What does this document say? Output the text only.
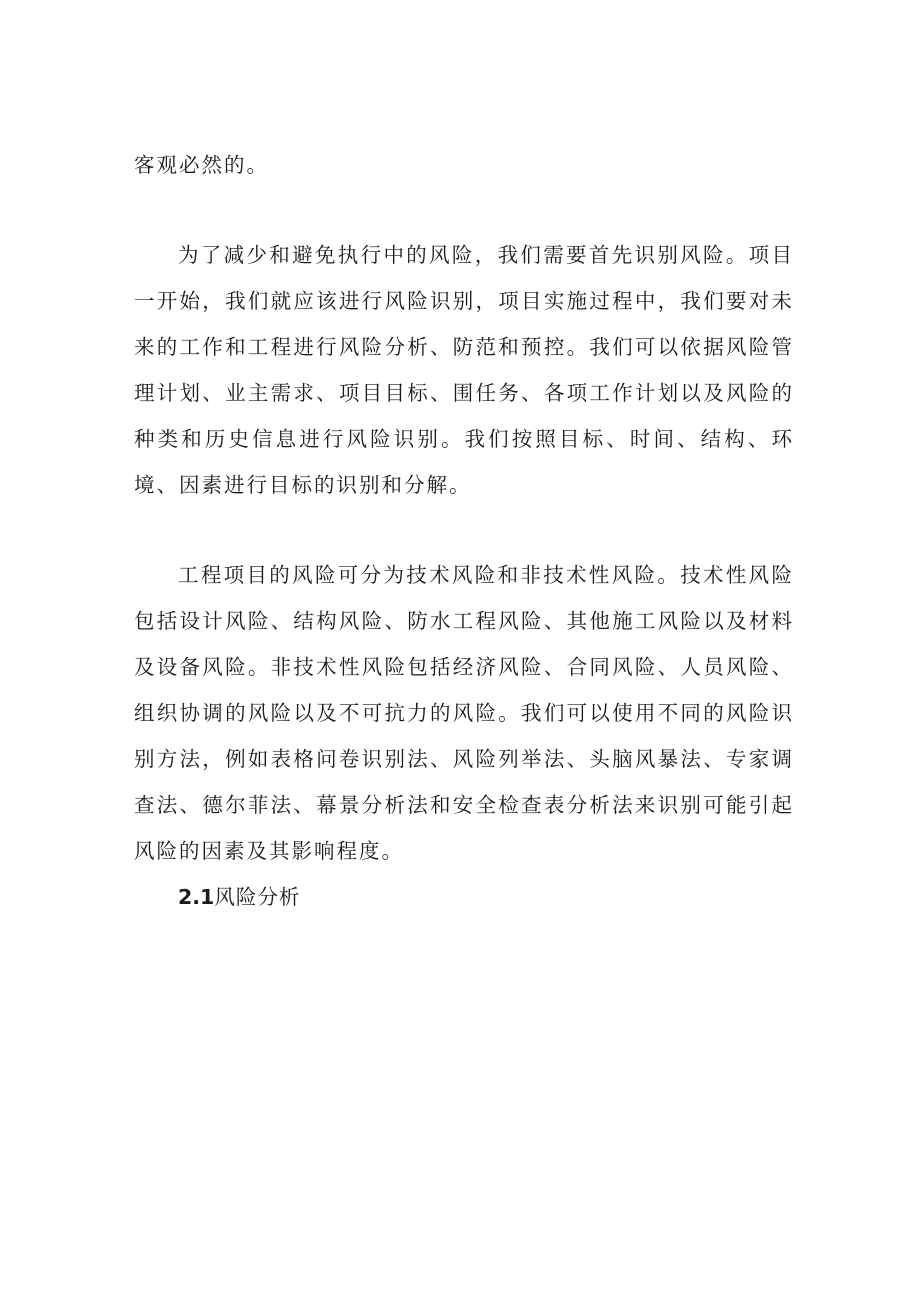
客观必然的。

为了减少和避免执行中的风险，我们需要首先识别风险。项目一开始，我们就应该进行风险识别，项目实施过程中，我们要对未来的工作和工程进行风险分析、防范和预控。我们可以依据风险管理计划、业主需求、项目目标、围任务、各项工作计划以及风险的种类和历史信息进行风险识别。我们按照目标、时间、结构、环境、因素进行目标的识别和分解。

工程项目的风险可分为技术风险和非技术性风险。技术性风险包括设计风险、结构风险、防水工程风险、其他施工风险以及材料及设备风险。非技术性风险包括经济风险、合同风险、人员风险、组织协调的风险以及不可抗力的风险。我们可以使用不同的风险识别方法，例如表格问卷识别法、风险列举法、头脑风暴法、专家调查法、德尔菲法、幕景分析法和安全检查表分析法来识别可能引起风险的因素及其影响程度。

2.1风险分析
